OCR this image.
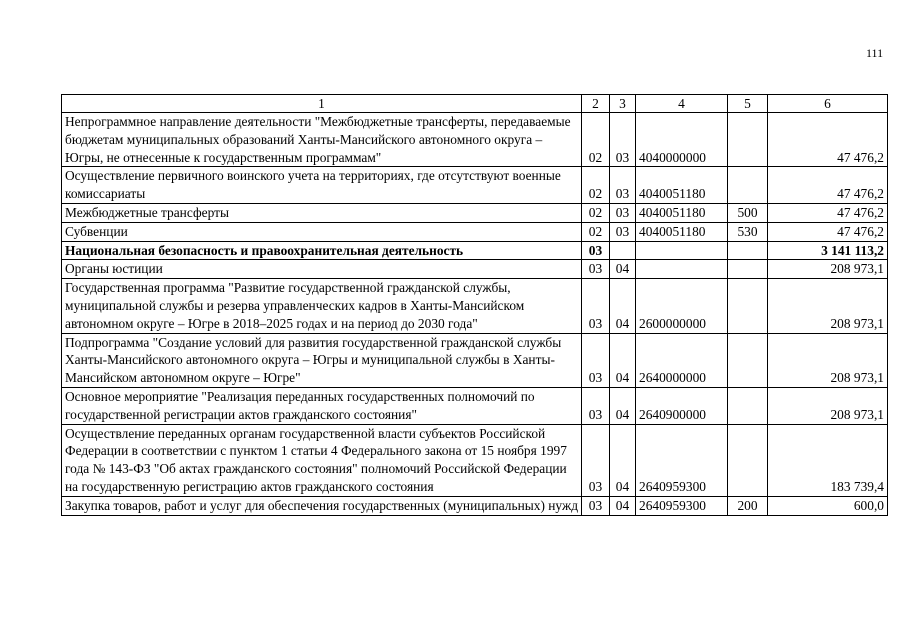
111
1	2	3	4	5	6
Непрограммное направление деятельности "Межбюджетные трансферты, передаваемые бюджетам муниципальных образований Ханты-Мансийского автономного округа – Югры, не отнесенные к государственным программам"	02	03	4040000000		47 476,2
Осуществление первичного воинского учета на территориях, где отсутствуют военные комиссариаты	02	03	4040051180		47 476,2
Межбюджетные трансферты	02	03	4040051180	500	47 476,2
Субвенции	02	03	4040051180	530	47 476,2
Национальная безопасность и правоохранительная деятельность	03				3 141 113,2
Органы юстиции	03	04			208 973,1
Государственная программа "Развитие государственной гражданской службы, муниципальной службы и резерва управленческих кадров в Ханты-Мансийском автономном округе – Югре в 2018–2025 годах и на период до 2030 года"	03	04	2600000000		208 973,1
Подпрограмма "Создание условий для развития государственной гражданской службы Ханты-Мансийского автономного округа – Югры и муниципальной службы в Ханты-Мансийском автономном округе – Югре"	03	04	2640000000		208 973,1
Основное мероприятие "Реализация переданных государственных полномочий по государственной регистрации актов гражданского состояния"	03	04	2640900000		208 973,1
Осуществление переданных органам государственной власти субъектов Российской Федерации в соответствии с пунктом 1 статьи 4 Федерального закона от 15 ноября 1997 года № 143-ФЗ "Об актах гражданского состояния" полномочий Российской Федерации на государственную регистрацию актов гражданского состояния	03	04	2640959300		183 739,4
Закупка товаров, работ и услуг для обеспечения государственных (муниципальных) нужд	03	04	2640959300	200	600,0
